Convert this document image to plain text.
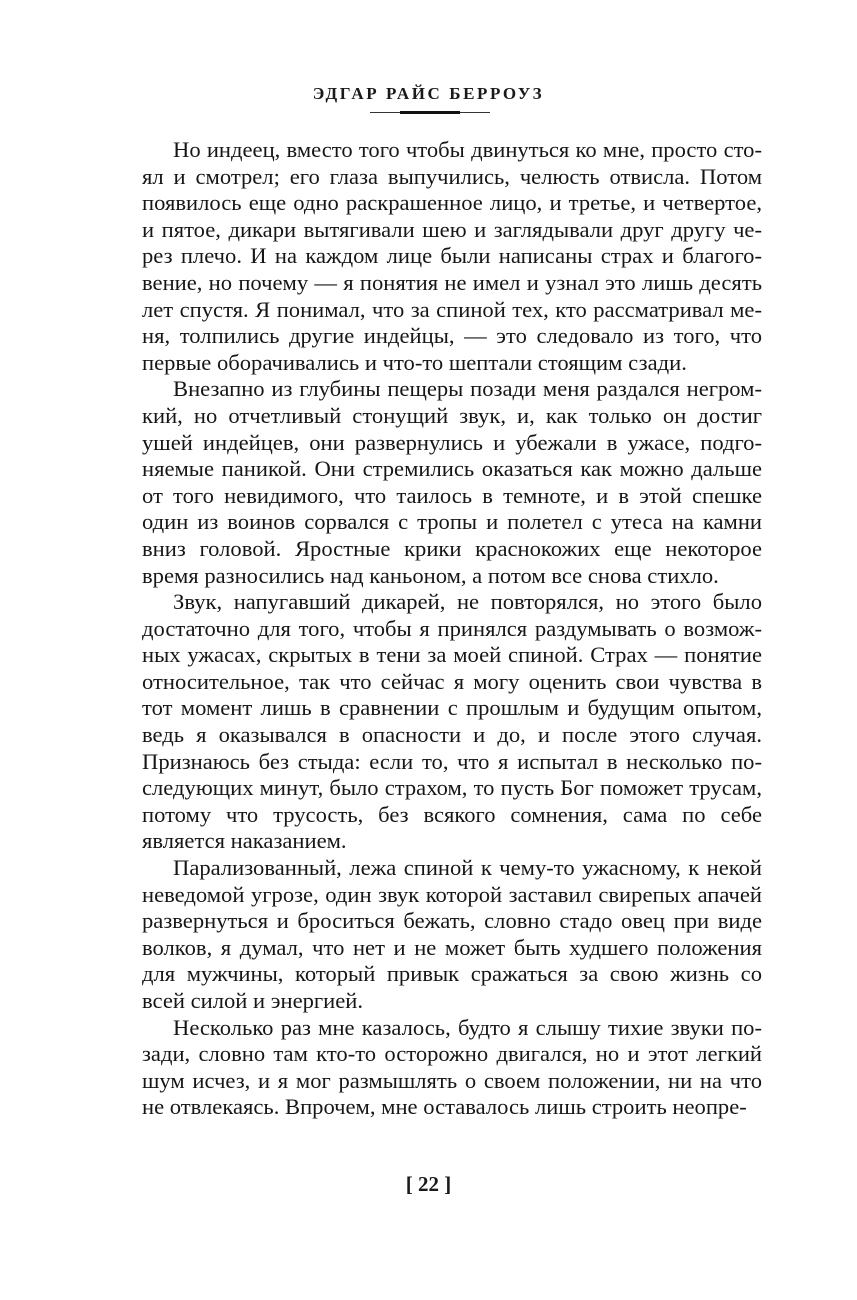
ЭДГАР РАЙС БЕРРОУЗ

Но индеец, вместо того чтобы двинуться ко мне, просто стоял и смотрел; его глаза выпучились, челюсть отвисла. Потом появилось еще одно раскрашенное лицо, и третье, и четвертое, и пятое, дикари вытягивали шею и заглядывали друг другу через плечо. И на каждом лице были написаны страх и благоговение, но почему — я понятия не имел и узнал это лишь десять лет спустя. Я понимал, что за спиной тех, кто рассматривал меня, толпились другие индейцы, — это следовало из того, что первые оборачивались и что-то шептали стоящим сзади.

Внезапно из глубины пещеры позади меня раздался негромкий, но отчетливый стонущий звук, и, как только он достиг ушей индейцев, они развернулись и убежали в ужасе, подгоняемые паникой. Они стремились оказаться как можно дальше от того невидимого, что таилось в темноте, и в этой спешке один из воинов сорвался с тропы и полетел с утеса на камни вниз головой. Яростные крики краснокожих еще некоторое время разносились над каньоном, а потом все снова стихло.

Звук, напугавший дикарей, не повторялся, но этого было достаточно для того, чтобы я принялся раздумывать о возможных ужасах, скрытых в тени за моей спиной. Страх — понятие относительное, так что сейчас я могу оценить свои чувства в тот момент лишь в сравнении с прошлым и будущим опытом, ведь я оказывался в опасности и до, и после этого случая. Признаюсь без стыда: если то, что я испытал в несколько последующих минут, было страхом, то пусть Бог поможет трусам, потому что трусость, без всякого сомнения, сама по себе является наказанием.

Парализованный, лежа спиной к чему-то ужасному, к некой неведомой угрозе, один звук которой заставил свирепых апачей развернуться и броситься бежать, словно стадо овец при виде волков, я думал, что нет и не может быть худшего положения для мужчины, который привык сражаться за свою жизнь со всей силой и энергией.

Несколько раз мне казалось, будто я слышу тихие звуки позади, словно там кто-то осторожно двигался, но и этот легкий шум исчез, и я мог размышлять о своем положении, ни на что не отвлекаясь. Впрочем, мне оставалось лишь строить неопре-

[ 22 ]
